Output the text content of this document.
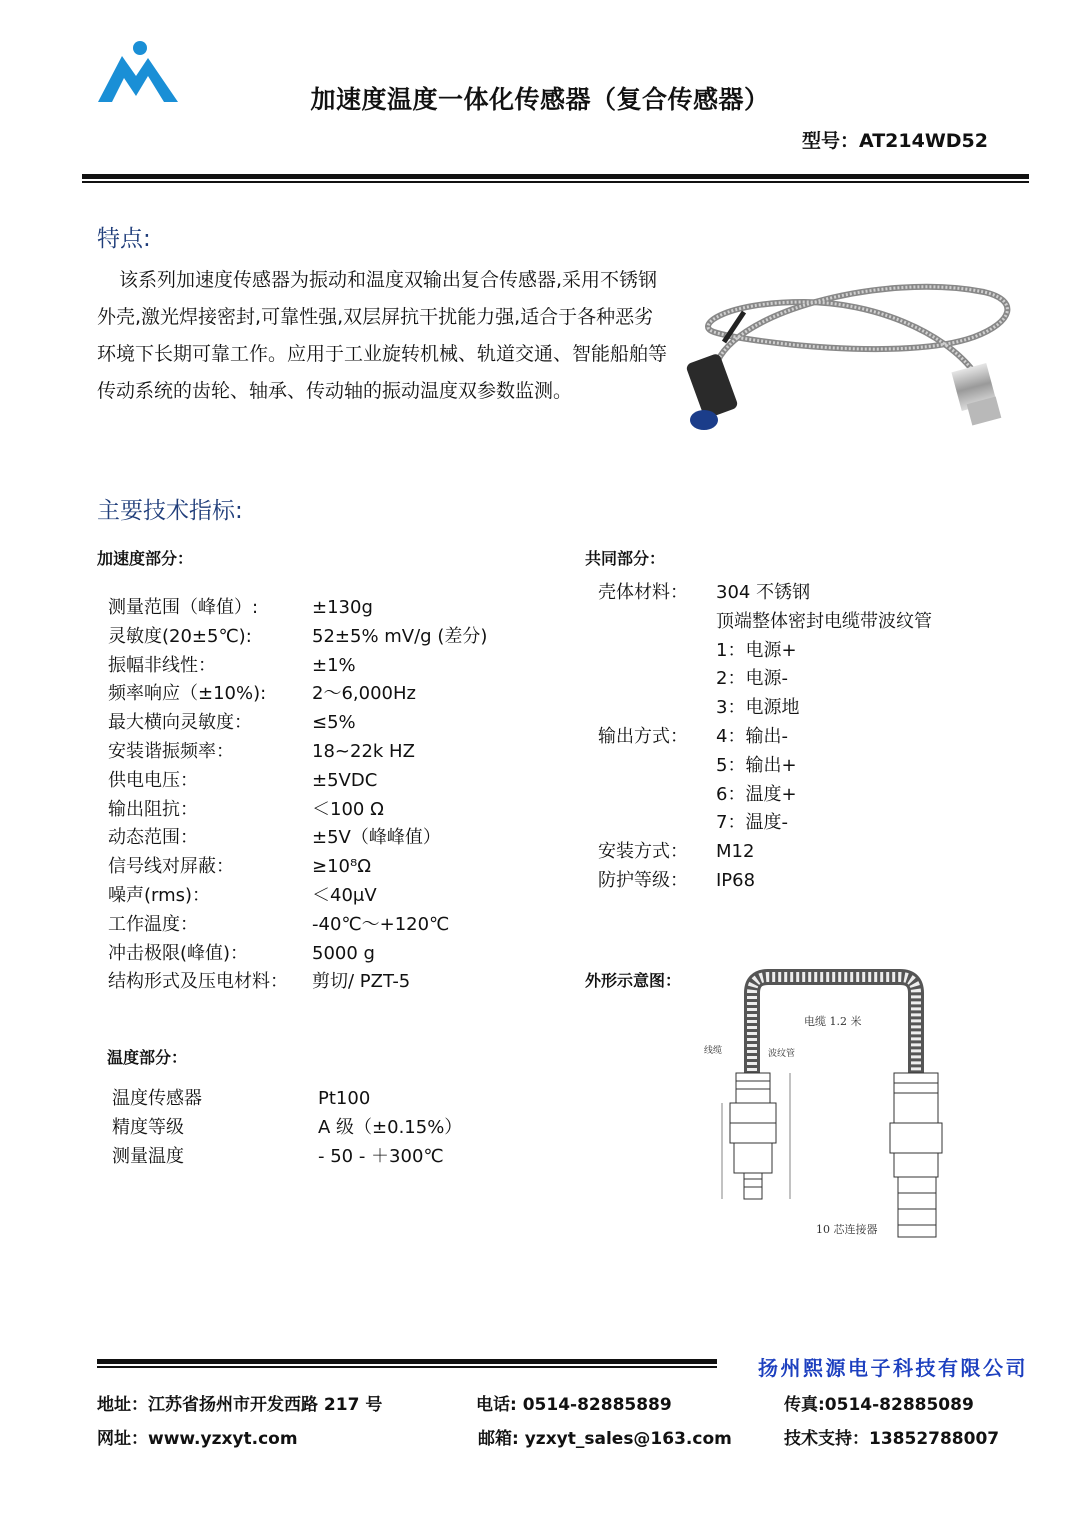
加速度温度一体化传感器（复合传感器）
型号：AT214WD52
特点:
该系列加速度传感器为振动和温度双输出复合传感器,采用不锈钢外壳,激光焊接密封,可靠性强,双层屏抗干扰能力强,适合于各种恶劣环境下长期可靠工作。应用于工业旋转机械、轨道交通、智能船舶等传动系统的齿轮、轴承、传动轴的振动温度双参数监测。
主要技术指标:
加速度部分：
测量范围（峰值）:	±130g
灵敏度(20±5℃):	52±5% mV/g (差分)
振幅非线性：	±1%
频率响应（±10%):	2～6,000Hz
最大横向灵敏度：	≤5%
安装谐振频率：	18~22k HZ
供电电压：	±5VDC
输出阻抗：	＜100 Ω
动态范围：	±5V（峰峰值）
信号线对屏蔽：	≥10⁸Ω
噪声(rms)：	＜40μV
工作温度：	-40℃～+120℃
冲击极限(峰值)：	5000 g
结构形式及压电材料：	剪切/ PZT-5
温度部分：
温度传感器	Pt100
精度等级	A 级（±0.15%）
测量温度	- 50 - ＋300℃
共同部分：
壳体材料：	304 不锈钢
顶端整体密封电缆带波纹管
输出方式：
1：电源+
2：电源-
3：电源地
4：输出-
5：输出+
6：温度+
7：温度-
安装方式：	M12
防护等级：	IP68
外形示意图：
电缆 1.2 米
线缆	波纹管
10 芯连接器
扬州熙源电子科技有限公司
地址：江苏省扬州市开发西路 217 号	电话: 0514-82885889	传真:0514-82885089
网址：www.yzxyt.com	邮箱: yzxyt_sales@163.com	技术支持：13852788007
